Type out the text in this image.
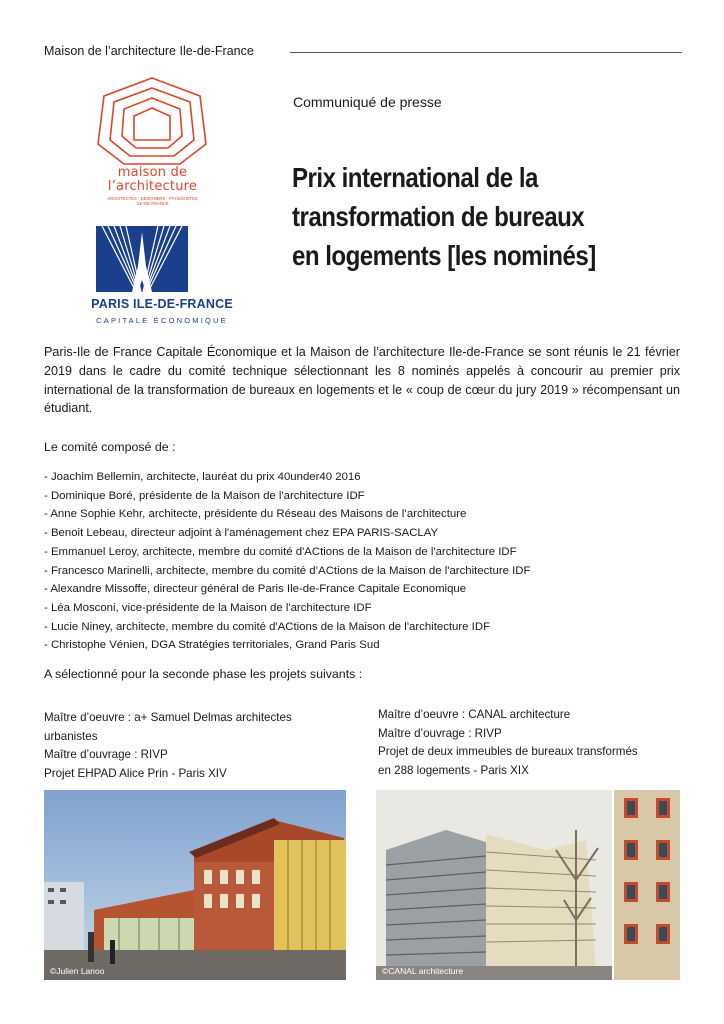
Maison de l’architecture Ile-de-France
maison de
l’architecture
ARCHITECTES · DESIGNERS · PAYSAGISTES
ÎLE-DE-FRANCE
PARIS ILE-DE-FRANCE
CAPITALE ÉCONOMIQUE
Communiqué de presse
Prix international de la
transformation de bureaux
en logements [les nominés]
Paris-Ile de France Capitale Économique et la Maison de l’architecture Ile-de-France se sont réunis le 21 février 2019 dans le cadre du comité technique sélectionnant les 8 nominés appelés à concourir au premier prix international de la transformation de bureaux en logements et le « coup de cœur du jury 2019 » récompensant un étudiant.
Le comité composé de :
- Joachim Bellemin, architecte, lauréat du prix 40under40 2016
- Dominique Boré, présidente de la Maison de l'architecture IDF
- Anne Sophie Kehr, architecte, présidente du Réseau des Maisons de l’architecture
- Benoit Lebeau, directeur adjoint à l'aménagement chez EPA PARIS-SACLAY
- Emmanuel Leroy, architecte, membre du comité d'ACtions de la Maison de l'architecture IDF
- Francesco Marinelli, architecte, membre du comité d’ACtions de la Maison de l'architecture IDF
- Alexandre Missoffe, directeur général de Paris Ile-de-France Capitale Economique
- Léa Mosconi, vice-présidente de la Maison de l'architecture IDF
- Lucie Niney, architecte, membre du comité d'ACtions de la Maison de l'architecture IDF
- Christophe Vénien, DGA Stratégies territoriales, Grand Paris Sud
A sélectionné pour la seconde phase les projets suivants :
Maître d’oeuvre : a+ Samuel Delmas architectes
urbanistes
Maître d’ouvrage : RIVP
Projet EHPAD Alice Prin - Paris XIV
Maître d’oeuvre : CANAL architecture
Maître d’ouvrage : RIVP
Projet de deux immeubles de bureaux transformés
en 288 logements - Paris XIX
©Julien Lanoo	©CANAL architecture
